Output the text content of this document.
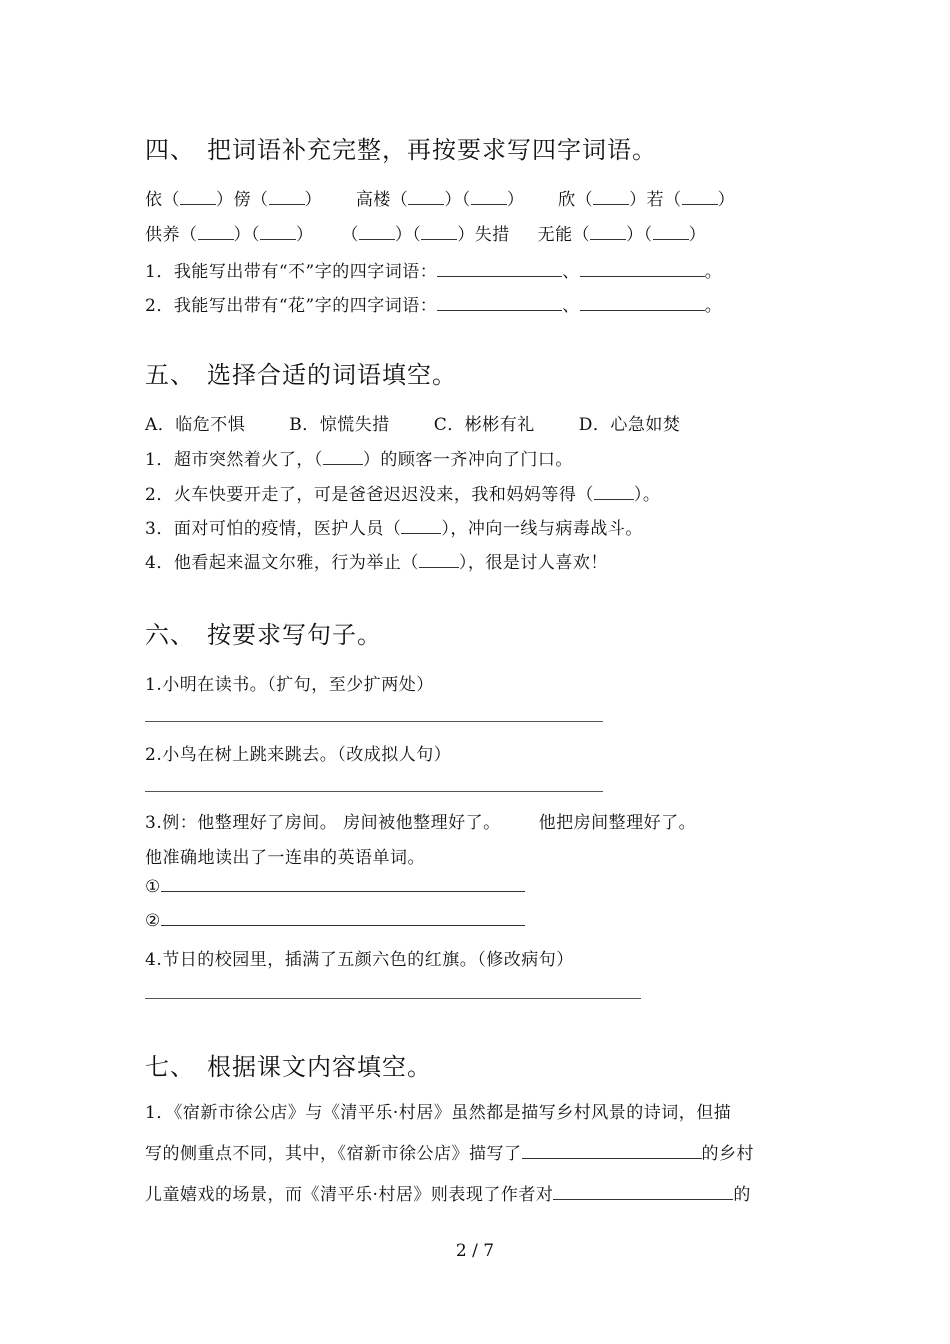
四、 把词语补充完整，再按要求写四字词语。
依（ ）傍（ ） 高楼（ ）（ ） 欣（ ）若（ ）
供养（ ）（ ） （ ）（ ）失措 无能（ ）（ ）
1．我能写出带有“不”字的四字词语：	、	。
2．我能写出带有“花”字的四字词语：	、	。
五、 选择合适的词语填空。
A．临危不惧	B．惊慌失措	C．彬彬有礼	D．心急如焚
1．超市突然着火了，（ ）的顾客一齐冲向了门口。
2．火车快要开走了，可是爸爸迟迟没来，我和妈妈等得（ ）。
3．面对可怕的疫情，医护人员（ ），冲向一线与病毒战斗。
4．他看起来温文尔雅，行为举止（ ），很是讨人喜欢！
六、 按要求写句子。
1.小明在读书。（扩句，至少扩两处）
2.小鸟在树上跳来跳去。（改成拟人句）
3.例：他整理好了房间。 房间被他整理好了。 他把房间整理好了。
他准确地读出了一连串的英语单词。
①
②
4.节日的校园里，插满了五颜六色的红旗。（修改病句）
七、 根据课文内容填空。
1．《宿新市徐公店》与《清平乐·村居》虽然都是描写乡村风景的诗词，但描
写的侧重点不同，其中，《宿新市徐公店》描写了	的乡村
儿童嬉戏的场景，而《清平乐·村居》则表现了作者对	的
2 / 7
